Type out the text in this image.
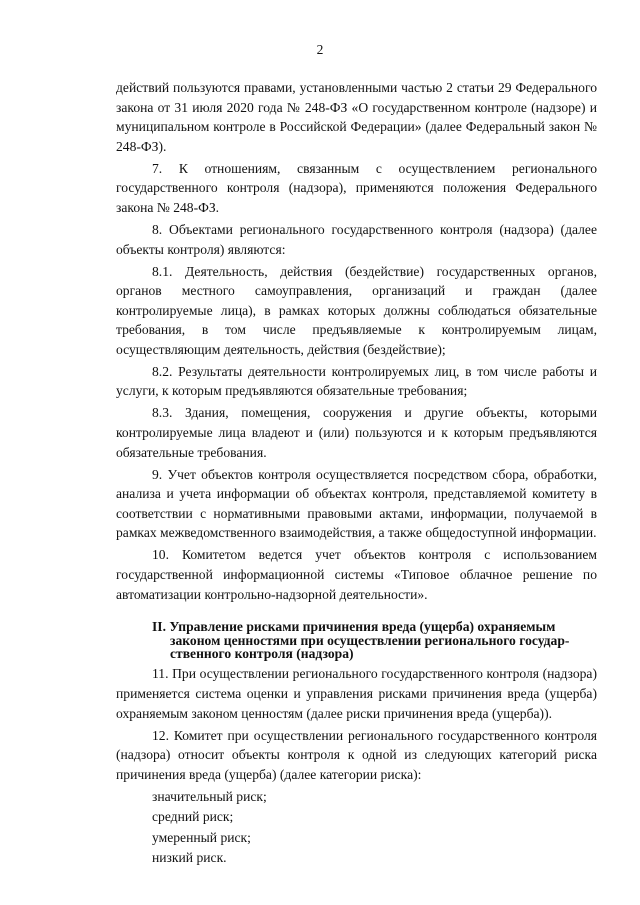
2

действий пользуются правами, установленными частью 2 статьи 29 Федерального закона от 31 июля 2020 года № 248-ФЗ «О государственном контроле (надзоре) и муниципальном контроле в Российской Федерации» (далее Федеральный закон № 248-ФЗ).

7. К отношениям, связанным с осуществлением регионального государственного контроля (надзора), применяются положения Федерального закона № 248-ФЗ.

8. Объектами регионального государственного контроля (надзора) (далее объекты контроля) являются:

8.1. Деятельность, действия (бездействие) государственных органов, органов местного самоуправления, организаций и граждан (далее контролируемые лица), в рамках которых должны соблюдаться обязательные требования, в том числе предъявляемые к контролируемым лицам, осуществляющим деятельность, действия (бездействие);

8.2. Результаты деятельности контролируемых лиц, в том числе работы и услуги, к которым предъявляются обязательные требования;

8.3. Здания, помещения, сооружения и другие объекты, которыми контролируемые лица владеют и (или) пользуются и к которым предъявляются обязательные требования.

9. Учет объектов контроля осуществляется посредством сбора, обработки, анализа и учета информации об объектах контроля, представляемой комитету в соответствии с нормативными правовыми актами, информации, получаемой в рамках межведомственного взаимодействия, а также общедоступной информации.

10. Комитетом ведется учет объектов контроля с использованием государственной информационной системы «Типовое облачное решение по автоматизации контрольно-надзорной деятельности».

II. Управление рисками причинения вреда (ущерба) охраняемым
законом ценностями при осуществлении регионального государ-
ственного контроля (надзора)

11. При осуществлении регионального государственного контроля (надзора) применяется система оценки и управления рисками причинения вреда (ущерба) охраняемым законом ценностям (далее риски причинения вреда (ущерба)).

12. Комитет при осуществлении регионального государственного контроля (надзора) относит объекты контроля к одной из следующих категорий риска причинения вреда (ущерба) (далее категории риска):

значительный риск;
средний риск;
умеренный риск;
низкий риск.
